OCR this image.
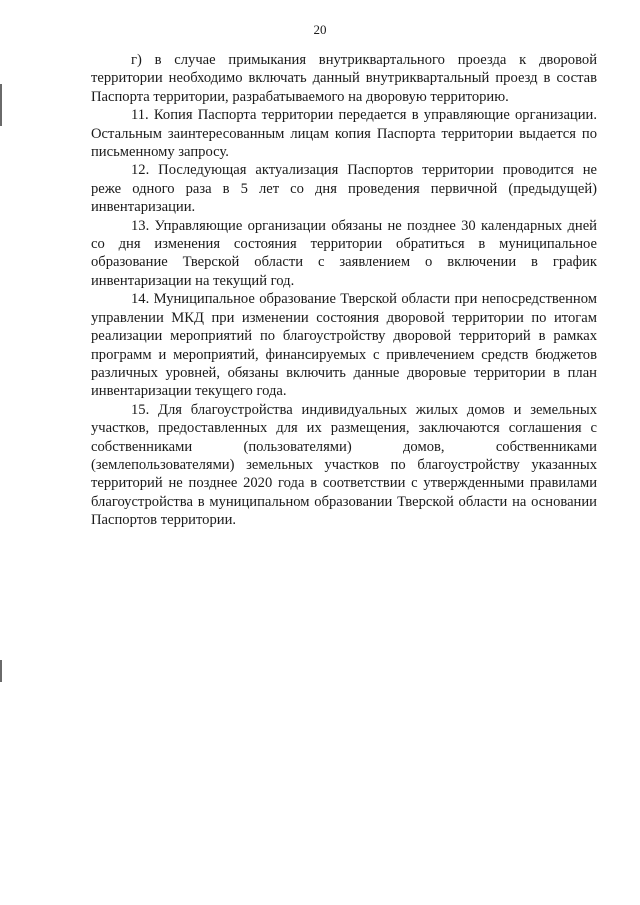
20

г) в случае примыкания внутриквартального проезда к дворовой территории необходимо включать данный внутриквартальный проезд в состав Паспорта территории, разрабатываемого на дворовую территорию.

11. Копия Паспорта территории передается в управляющие организации. Остальным заинтересованным лицам копия Паспорта территории выдается по письменному запросу.

12. Последующая актуализация Паспортов территории проводится не реже одного раза в 5 лет со дня проведения первичной (предыдущей) инвентаризации.

13. Управляющие организации обязаны не позднее 30 календарных дней со дня изменения состояния территории обратиться в муниципальное образование Тверской области с заявлением о включении в график инвентаризации на текущий год.

14. Муниципальное образование Тверской области при непосредственном управлении МКД при изменении состояния дворовой территории по итогам реализации мероприятий по благоустройству дворовой территорий в рамках программ и мероприятий, финансируемых с привлечением средств бюджетов различных уровней, обязаны включить данные дворовые территории в план инвентаризации текущего года.

15. Для благоустройства индивидуальных жилых домов и земельных участков, предоставленных для их размещения, заключаются соглашения с собственниками (пользователями) домов, собственниками (землепользователями) земельных участков по благоустройству указанных территорий не позднее 2020 года в соответствии с утвержденными правилами благоустройства в муниципальном образовании Тверской области на основании Паспортов территории.
